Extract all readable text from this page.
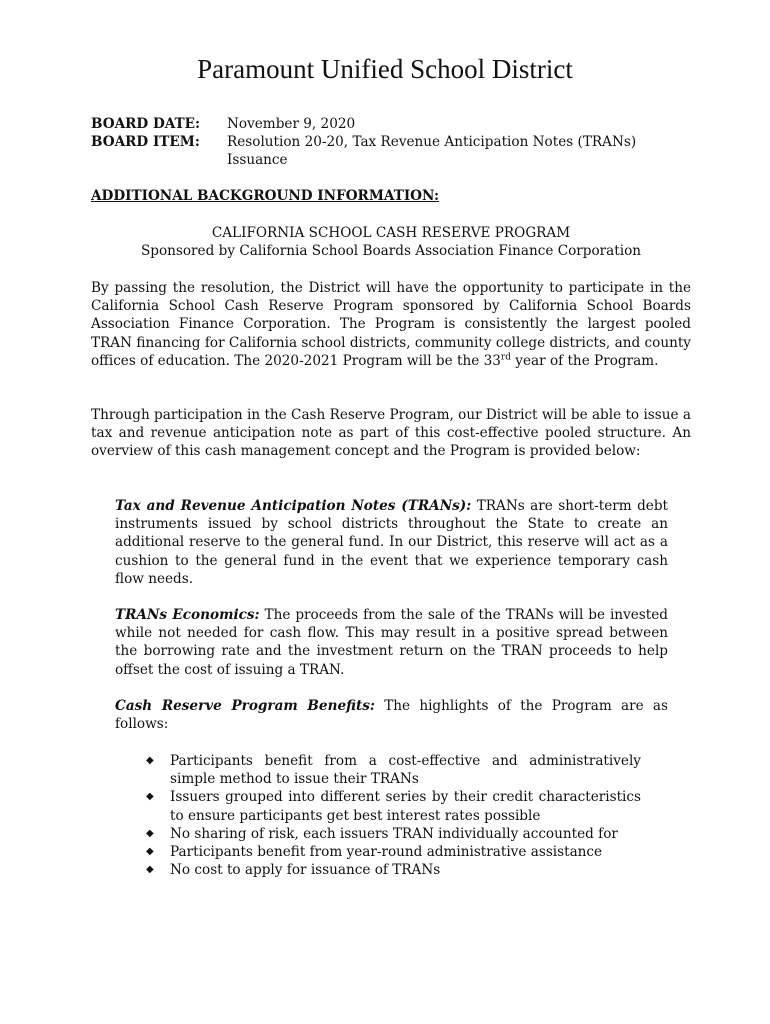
Paramount Unified School District
BOARD DATE:	November 9, 2020
BOARD ITEM:	Resolution 20-20, Tax Revenue Anticipation Notes (TRANs)
Issuance
ADDITIONAL BACKGROUND INFORMATION:
CALIFORNIA SCHOOL CASH RESERVE PROGRAM
Sponsored by California School Boards Association Finance Corporation
By passing the resolution, the District will have the opportunity to participate in the California School Cash Reserve Program sponsored by California School Boards Association Finance Corporation. The Program is consistently the largest pooled TRAN financing for California school districts, community college districts, and county offices of education. The 2020-2021 Program will be the 33rd year of the Program.
Through participation in the Cash Reserve Program, our District will be able to issue a tax and revenue anticipation note as part of this cost-effective pooled structure. An overview of this cash management concept and the Program is provided below:
Tax and Revenue Anticipation Notes (TRANs): TRANs are short-term debt instruments issued by school districts throughout the State to create an additional reserve to the general fund. In our District, this reserve will act as a cushion to the general fund in the event that we experience temporary cash flow needs.
TRANs Economics: The proceeds from the sale of the TRANs will be invested while not needed for cash flow. This may result in a positive spread between the borrowing rate and the investment return on the TRAN proceeds to help offset the cost of issuing a TRAN.
Cash Reserve Program Benefits: The highlights of the Program are as follows:
◆ Participants benefit from a cost-effective and administratively simple method to issue their TRANs
◆ Issuers grouped into different series by their credit characteristics to ensure participants get best interest rates possible
◆ No sharing of risk, each issuers TRAN individually accounted for
◆ Participants benefit from year-round administrative assistance
◆ No cost to apply for issuance of TRANs
